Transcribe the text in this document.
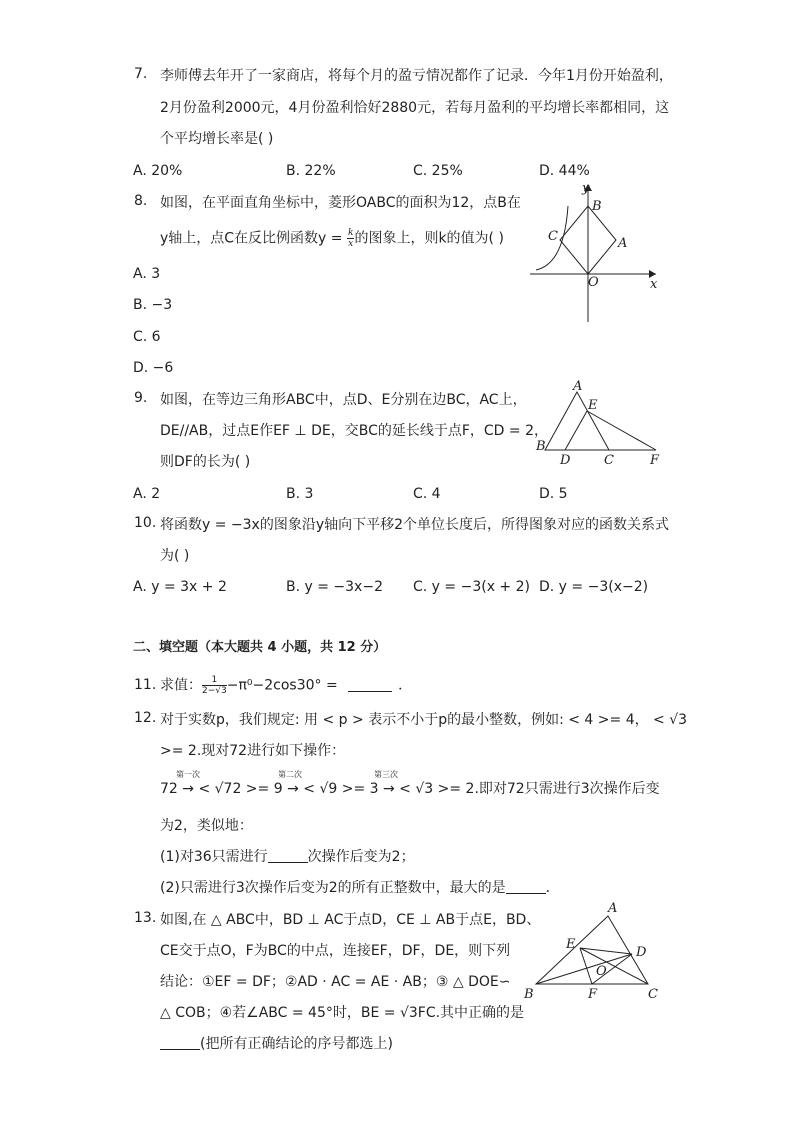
7. 李师傅去年开了一家商店，将每个月的盈亏情况都作了记录．今年1月份开始盈利，
2月份盈利2000元，4月份盈利恰好2880元，若每月盈利的平均增长率都相同，这
个平均增长率是( )
A. 20%	B. 22%	C. 25%	D. 44%
8. 如图，在平面直角坐标中，菱形OABC的面积为12，点B在
y轴上，点C在反比例函数$y = \frac{k}{x}$ 的图象上，则k的值为( )
A. 3
B. −3
C. 6
D. −6
y
x
O
A
B
C
9. 如图，在等边三角形ABC中，点D、E分别在边BC，AC上，
DE//AB，过点E作EF ⊥ DE，交BC的延长线于点F，CD = 2，
则DF的长为( )
A. 2	B. 3	C. 4	D. 5
A
B
C
D
E
F
10. 将函数y = −3x的图象沿y轴向下平移2个单位长度后，所得图象对应的函数关系式
为( )
A. y = 3x + 2	B. y = −3x−2 C. y = −3(x + 2) D. y = −3(x−2)
二、填空题（本大题共 4 小题，共 12 分）
11. 求值： $\frac{1}{2-√3} -\pi^0-2\cos 30^\circ$ =	．
12. 对于实数p，我们规定: 用 < p > 表示不小于p的最小整数，例如: < 4 >= 4， < √3
>= 2.现对72进行如下操作：
72 → < √72 >= 9 → < √9 >= 3 → < √3 >= 2.即对72只需进行3次操作后变
第一次	第二次	第三次
为2，类似地：
(1)对36只需进行	次操作后变为2；
(2)只需进行3次操作后变为2的所有正整数中，最大的是	．
13. 如图,在 △ ABC中，BD ⊥ AC于点D，CE ⊥ AB于点E，BD、
CE交于点O，F为BC的中点，连接EF，DF，DE，则下列
结论：①EF = DF；②AD · AC = AE · AB；③ △ DOE∽
△ COB；④若∠ABC = 45°时，BE = √3FC.其中正确的是
(把所有正确结论的序号都选上)
A
B	C
D
E
F
O
